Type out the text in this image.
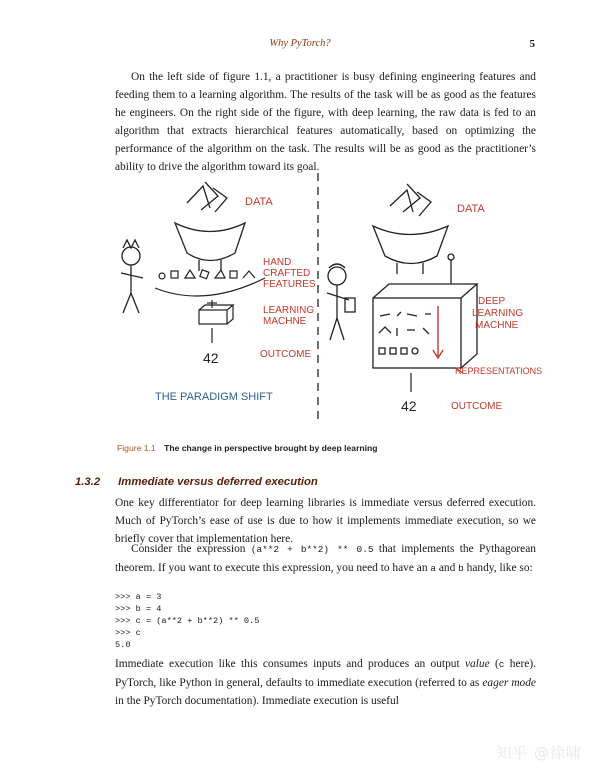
Why PyTorch?	5

On the left side of figure 1.1, a practitioner is busy defining engineering features and feeding them to a learning algorithm. The results of the task will be as good as the features he engineers. On the right side of the figure, with deep learning, the raw data is fed to an algorithm that extracts hierarchical features automatically, based on optimizing the performance of the algorithm on the task. The results will be as good as the practitioner’s ability to drive the algorithm toward its goal.

DATA
HAND
CRAFTED
FEATURES
LEARNING
MACHNE
42	OUTCOME
THE PARADIGM SHIFT
DATA
DEEP
LEARNING
MACHNE
REPRESENTATIONS
42	OUTCOME
Figure 1.1 The change in perspective brought by deep learning
1.3.2 Immediate versus deferred execution

One key differentiator for deep learning libraries is immediate versus deferred execution. Much of PyTorch’s ease of use is due to how it implements immediate execution, so we briefly cover that implementation here.

Consider the expression (a**2 + b**2) ** 0.5 that implements the Pythagorean theorem. If you want to execute this expression, you need to have an a and b handy, like so:

>>> a = 3
>>> b = 4
>>> c = (a**2 + b**2) ** 0.5
>>> c
5.0

Immediate execution like this consumes inputs and produces an output value (c here). PyTorch, like Python in general, defaults to immediate execution (referred to as eager mode in the PyTorch documentation). Immediate execution is useful

知乎 @徐啸
